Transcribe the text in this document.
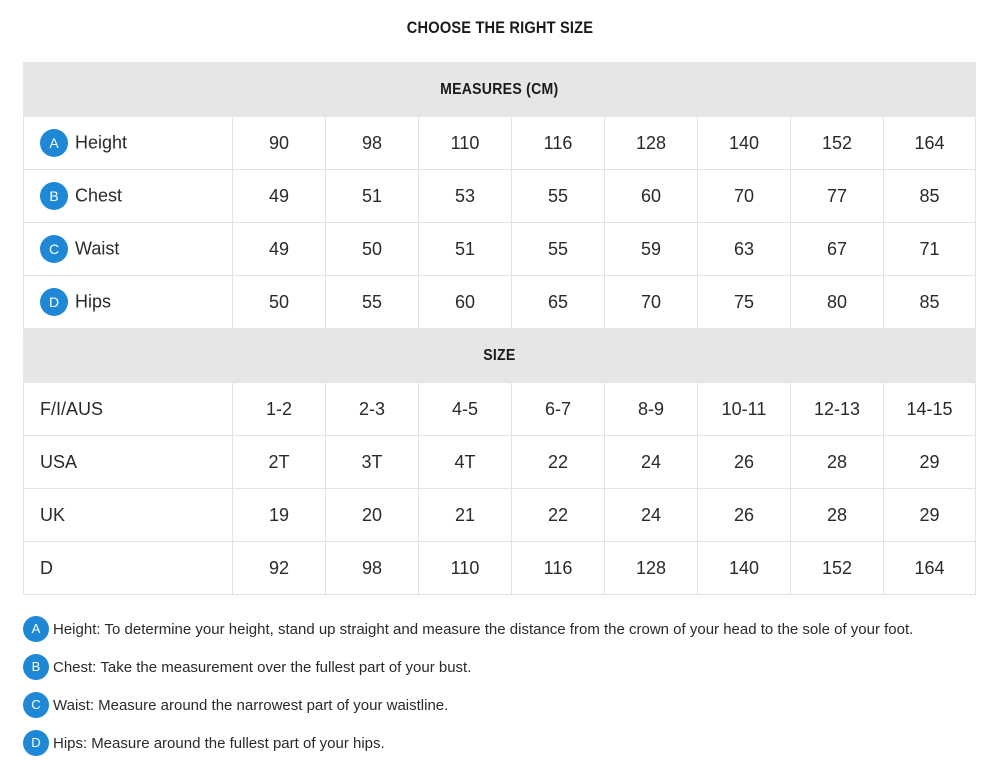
CHOOSE THE RIGHT SIZE
MEASURES (CM)								
A Height	90	98	110	116	128	140	152	164
B Chest	49	51	53	55	60	70	77	85
C Waist	49	50	51	55	59	63	67	71
D Hips	50	55	60	65	70	75	80	85
SIZE								
F/I/AUS	1-2	2-3	4-5	6-7	8-9	10-11	12-13	14-15
USA	2T	3T	4T	22	24	26	28	29
UK	19	20	21	22	24	26	28	29
D	92	98	110	116	128	140	152	164
A Height: To determine your height, stand up straight and measure the distance from the crown of your head to the sole of your foot.
B Chest: Take the measurement over the fullest part of your bust.
C Waist: Measure around the narrowest part of your waistline.
D Hips: Measure around the fullest part of your hips.
